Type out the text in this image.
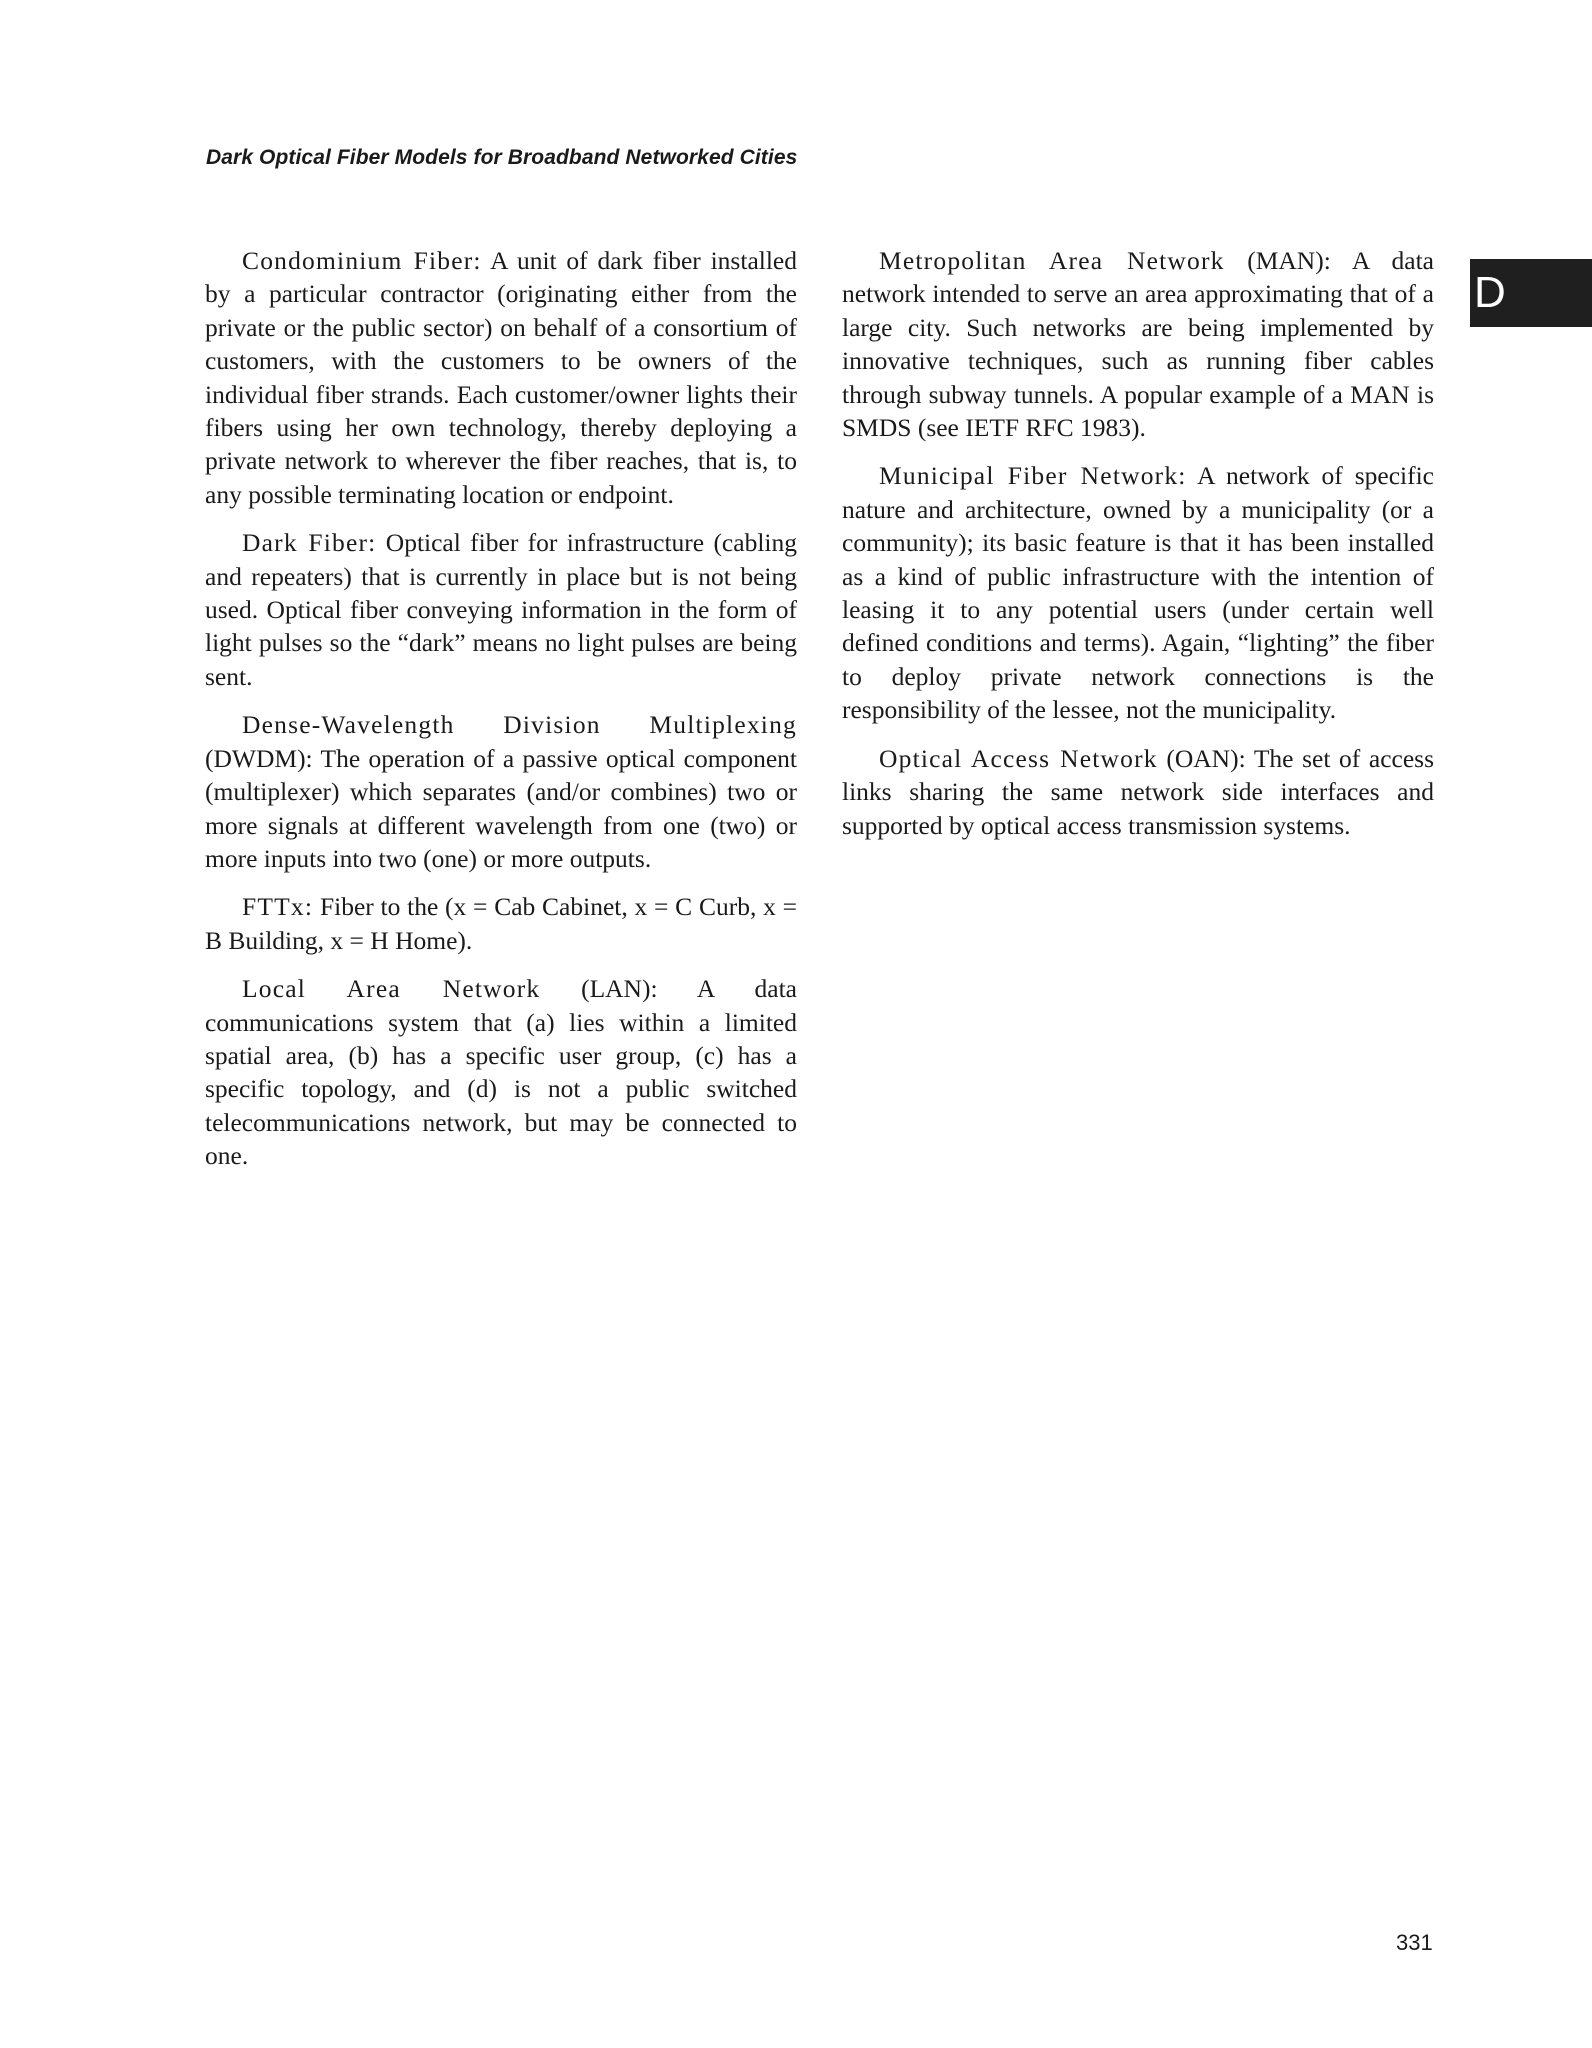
Dark Optical Fiber Models for Broadband Networked Cities
D

Condominium Fiber: A unit of dark fiber installed by a particular contractor (originating either from the private or the public sector) on behalf of a consortium of customers, with the customers to be owners of the individual fiber strands. Each customer/owner lights their fibers using her own technology, thereby deploying a private network to wherever the fiber reaches, that is, to any possible terminating location or endpoint.

Dark Fiber: Optical fiber for infrastructure (cabling and repeaters) that is currently in place but is not being used. Optical fiber conveying information in the form of light pulses so the “dark” means no light pulses are being sent.

Dense-Wavelength Division Multiplexing (DWDM): The operation of a passive optical component (multiplexer) which separates (and/or combines) two or more signals at different wavelength from one (two) or more inputs into two (one) or more outputs.

FTTx: Fiber to the (x = Cab Cabinet, x = C Curb, x = B Building, x = H Home).

Local Area Network (LAN): A data communications system that (a) lies within a limited spatial area, (b) has a specific user group, (c) has a specific topology, and (d) is not a public switched telecommunications network, but may be connected to one.

Metropolitan Area Network (MAN): A data network intended to serve an area approximating that of a large city. Such networks are being implemented by innovative techniques, such as running fiber cables through subway tunnels. A popular example of a MAN is SMDS (see IETF RFC 1983).

Municipal Fiber Network: A network of specific nature and architecture, owned by a municipality (or a community); its basic feature is that it has been installed as a kind of public infrastructure with the intention of leasing it to any potential users (under certain well defined conditions and terms). Again, “lighting” the fiber to deploy private network connections is the responsibility of the lessee, not the municipality.

Optical Access Network (OAN): The set of access links sharing the same network side interfaces and supported by optical access transmission systems.

331
